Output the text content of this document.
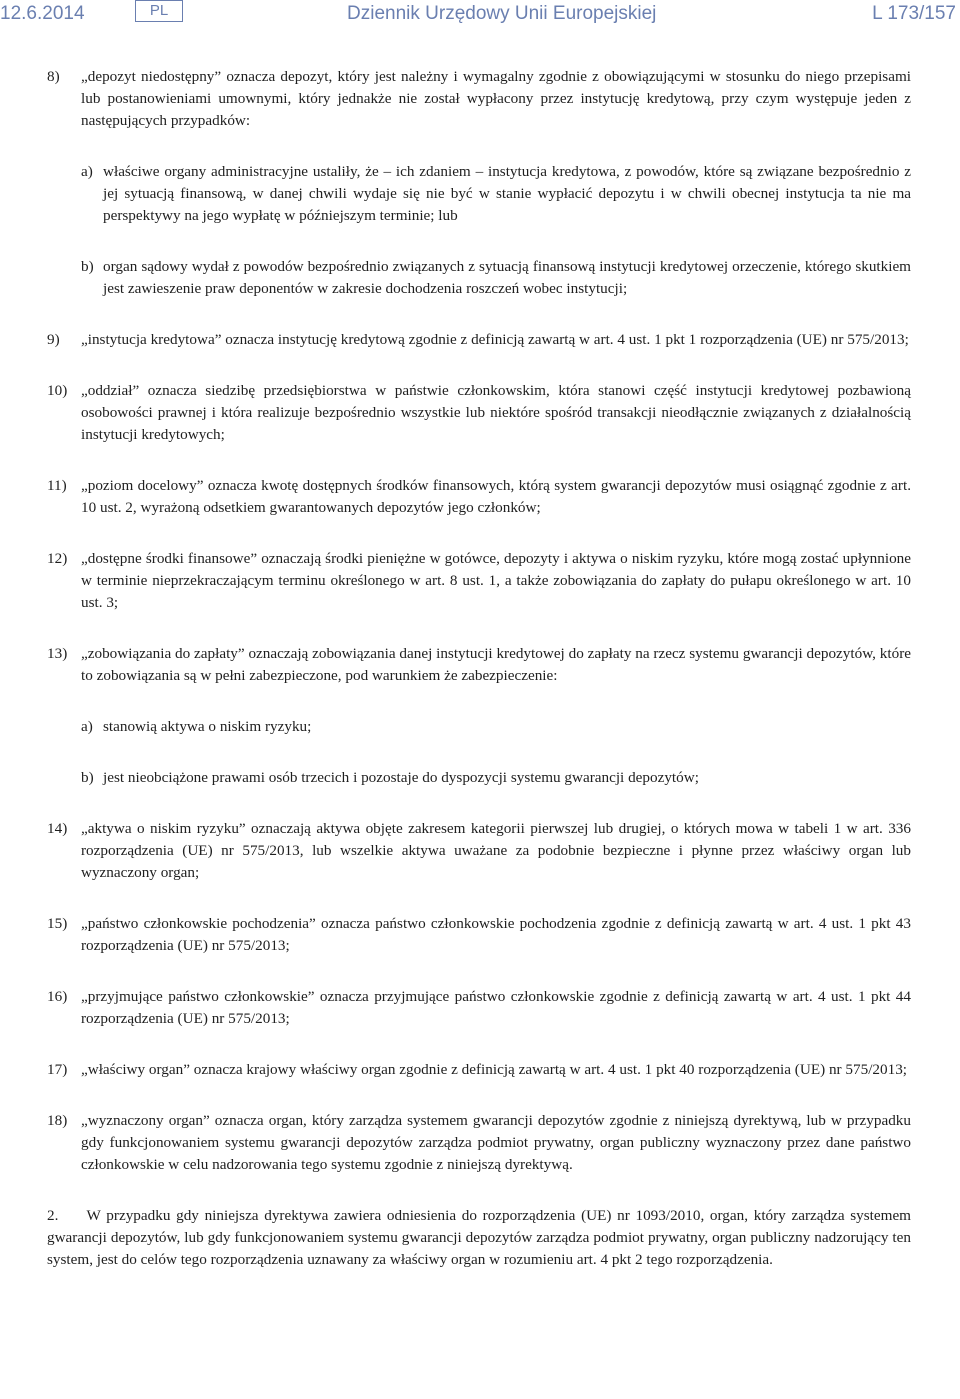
12.6.2014	PL	Dziennik Urzędowy Unii Europejskiej	L 173/157
8) „depozyt niedostępny” oznacza depozyt, który jest należny i wymagalny zgodnie z obowiązującymi w stosunku do niego przepisami lub postanowieniami umownymi, który jednakże nie został wypłacony przez instytucję kredytową, przy czym występuje jeden z następujących przypadków:
a) właściwe organy administracyjne ustaliły, że – ich zdaniem – instytucja kredytowa, z powodów, które są związane bezpośrednio z jej sytuacją finansową, w danej chwili wydaje się nie być w stanie wypłacić depozytu i w chwili obecnej instytucja ta nie ma perspektywy na jego wypłatę w późniejszym terminie; lub
b) organ sądowy wydał z powodów bezpośrednio związanych z sytuacją finansową instytucji kredytowej orzeczenie, którego skutkiem jest zawieszenie praw deponentów w zakresie dochodzenia roszczeń wobec instytucji;
9) „instytucja kredytowa” oznacza instytucję kredytową zgodnie z definicją zawartą w art. 4 ust. 1 pkt 1 rozporządzenia (UE) nr 575/2013;
10) „oddział” oznacza siedzibę przedsiębiorstwa w państwie członkowskim, która stanowi część instytucji kredytowej pozbawioną osobowości prawnej i która realizuje bezpośrednio wszystkie lub niektóre spośród transakcji nieodłącznie związanych z działalnością instytucji kredytowych;
11) „poziom docelowy” oznacza kwotę dostępnych środków finansowych, którą system gwarancji depozytów musi osiągnąć zgodnie z art. 10 ust. 2, wyrażoną odsetkiem gwarantowanych depozytów jego członków;
12) „dostępne środki finansowe” oznaczają środki pieniężne w gotówce, depozyty i aktywa o niskim ryzyku, które mogą zostać upłynnione w terminie nieprzekraczającym terminu określonego w art. 8 ust. 1, a także zobowiązania do zapłaty do pułapu określonego w art. 10 ust. 3;
13) „zobowiązania do zapłaty” oznaczają zobowiązania danej instytucji kredytowej do zapłaty na rzecz systemu gwarancji depozytów, które to zobowiązania są w pełni zabezpieczone, pod warunkiem że zabezpieczenie:
a) stanowią aktywa o niskim ryzyku;
b) jest nieobciążone prawami osób trzecich i pozostaje do dyspozycji systemu gwarancji depozytów;
14) „aktywa o niskim ryzyku” oznaczają aktywa objęte zakresem kategorii pierwszej lub drugiej, o których mowa w tabeli 1 w art. 336 rozporządzenia (UE) nr 575/2013, lub wszelkie aktywa uważane za podobnie bezpieczne i płynne przez właściwy organ lub wyznaczony organ;
15) „państwo członkowskie pochodzenia” oznacza państwo członkowskie pochodzenia zgodnie z definicją zawartą w art. 4 ust. 1 pkt 43 rozporządzenia (UE) nr 575/2013;
16) „przyjmujące państwo członkowskie” oznacza przyjmujące państwo członkowskie zgodnie z definicją zawartą w art. 4 ust. 1 pkt 44 rozporządzenia (UE) nr 575/2013;
17) „właściwy organ” oznacza krajowy właściwy organ zgodnie z definicją zawartą w art. 4 ust. 1 pkt 40 rozporządzenia (UE) nr 575/2013;
18) „wyznaczony organ” oznacza organ, który zarządza systemem gwarancji depozytów zgodnie z niniejszą dyrektywą, lub w przypadku gdy funkcjonowaniem systemu gwarancji depozytów zarządza podmiot prywatny, organ publiczny wyznaczony przez dane państwo członkowskie w celu nadzorowania tego systemu zgodnie z niniejszą dyrektywą.

2.     W przypadku gdy niniejsza dyrektywa zawiera odniesienia do rozporządzenia (UE) nr 1093/2010, organ, który zarządza systemem gwarancji depozytów, lub gdy funkcjonowaniem systemu gwarancji depozytów zarządza podmiot prywatny, organ publiczny nadzorujący ten system, jest do celów tego rozporządzenia uznawany za właściwy organ w rozumieniu art. 4 pkt 2 tego rozporządzenia.
